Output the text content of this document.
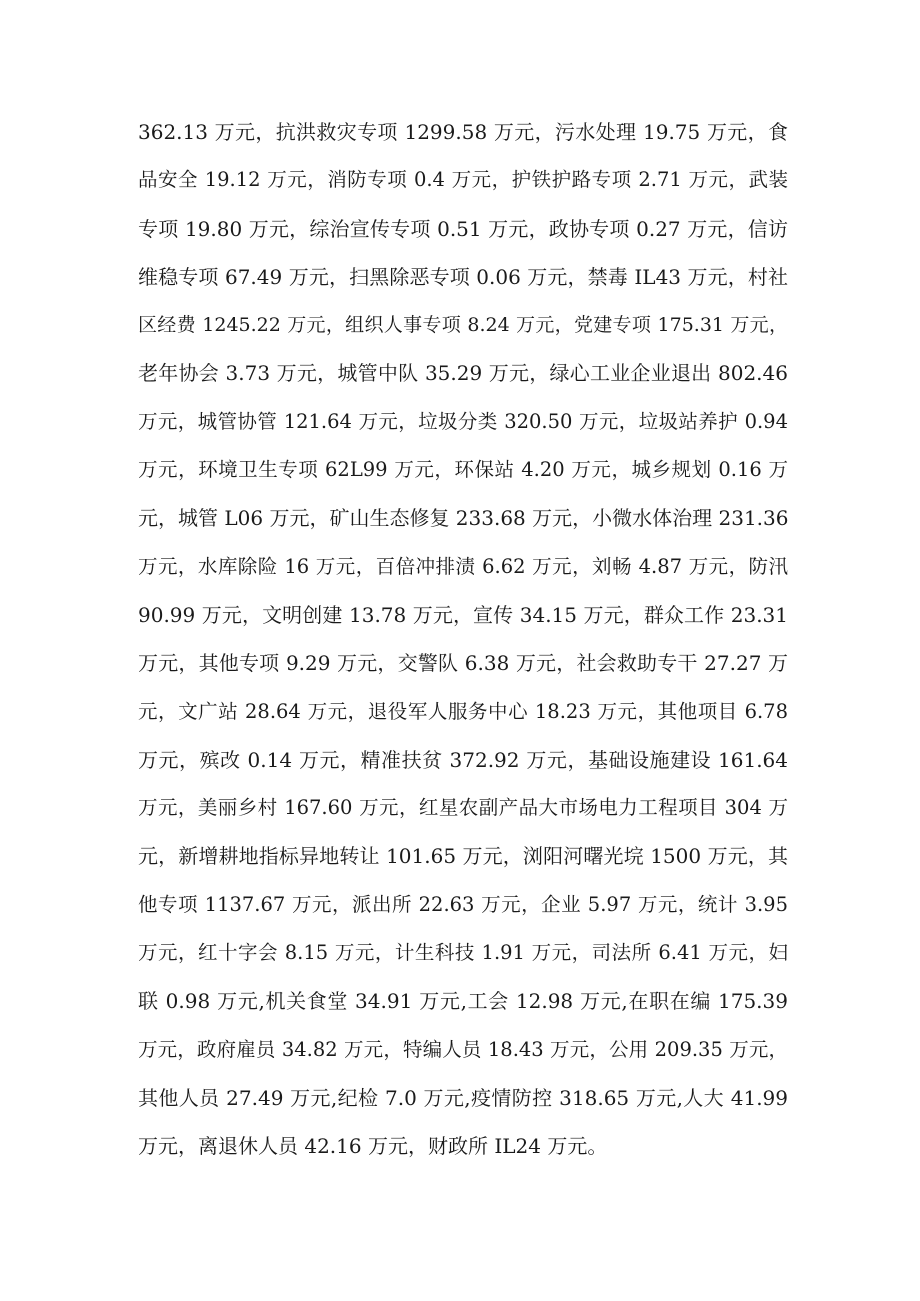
362.13 万元，抗洪救灾专项 1299.58 万元，污水处理 19.75 万元，食
品安全 19.12 万元，消防专项 0.4 万元，护铁护路专项 2.71 万元，武装
专项 19.80 万元，综治宣传专项 0.51 万元，政协专项 0.27 万元，信访
维稳专项 67.49 万元，扫黑除恶专项 0.06 万元，禁毒 IL43 万元，村社
区经费 1245.22 万元，组织人事专项 8.24 万元，党建专项 175.31 万元，
老年协会 3.73 万元，城管中队 35.29 万元，绿心工业企业退出 802.46
万元，城管协管 121.64 万元，垃圾分类 320.50 万元，垃圾站养护 0.94
万元，环境卫生专项 62L99 万元，环保站 4.20 万元，城乡规划 0.16 万
元，城管 L06 万元，矿山生态修复 233.68 万元，小微水体治理 231.36
万元，水库除险 16 万元，百倍冲排渍 6.62 万元，刘畅 4.87 万元，防汛
90.99 万元，文明创建 13.78 万元，宣传 34.15 万元，群众工作 23.31
万元，其他专项 9.29 万元，交警队 6.38 万元，社会救助专干 27.27 万
元，文广站 28.64 万元，退役军人服务中心 18.23 万元，其他项目 6.78
万元，殡改 0.14 万元，精准扶贫 372.92 万元，基础设施建设 161.64
万元，美丽乡村 167.60 万元，红星农副产品大市场电力工程项目 304 万
元，新增耕地指标异地转让 101.65 万元，浏阳河曙光垸 1500 万元，其
他专项 1137.67 万元，派出所 22.63 万元，企业 5.97 万元，统计 3.95
万元，红十字会 8.15 万元，计生科技 1.91 万元，司法所 6.41 万元，妇
联 0.98 万元,机关食堂 34.91 万元,工会 12.98 万元,在职在编 175.39
万元，政府雇员 34.82 万元，特编人员 18.43 万元，公用 209.35 万元，
其他人员 27.49 万元,纪检 7.0 万元,疫情防控 318.65 万元,人大 41.99
万元，离退休人员 42.16 万元，财政所 IL24 万元。
